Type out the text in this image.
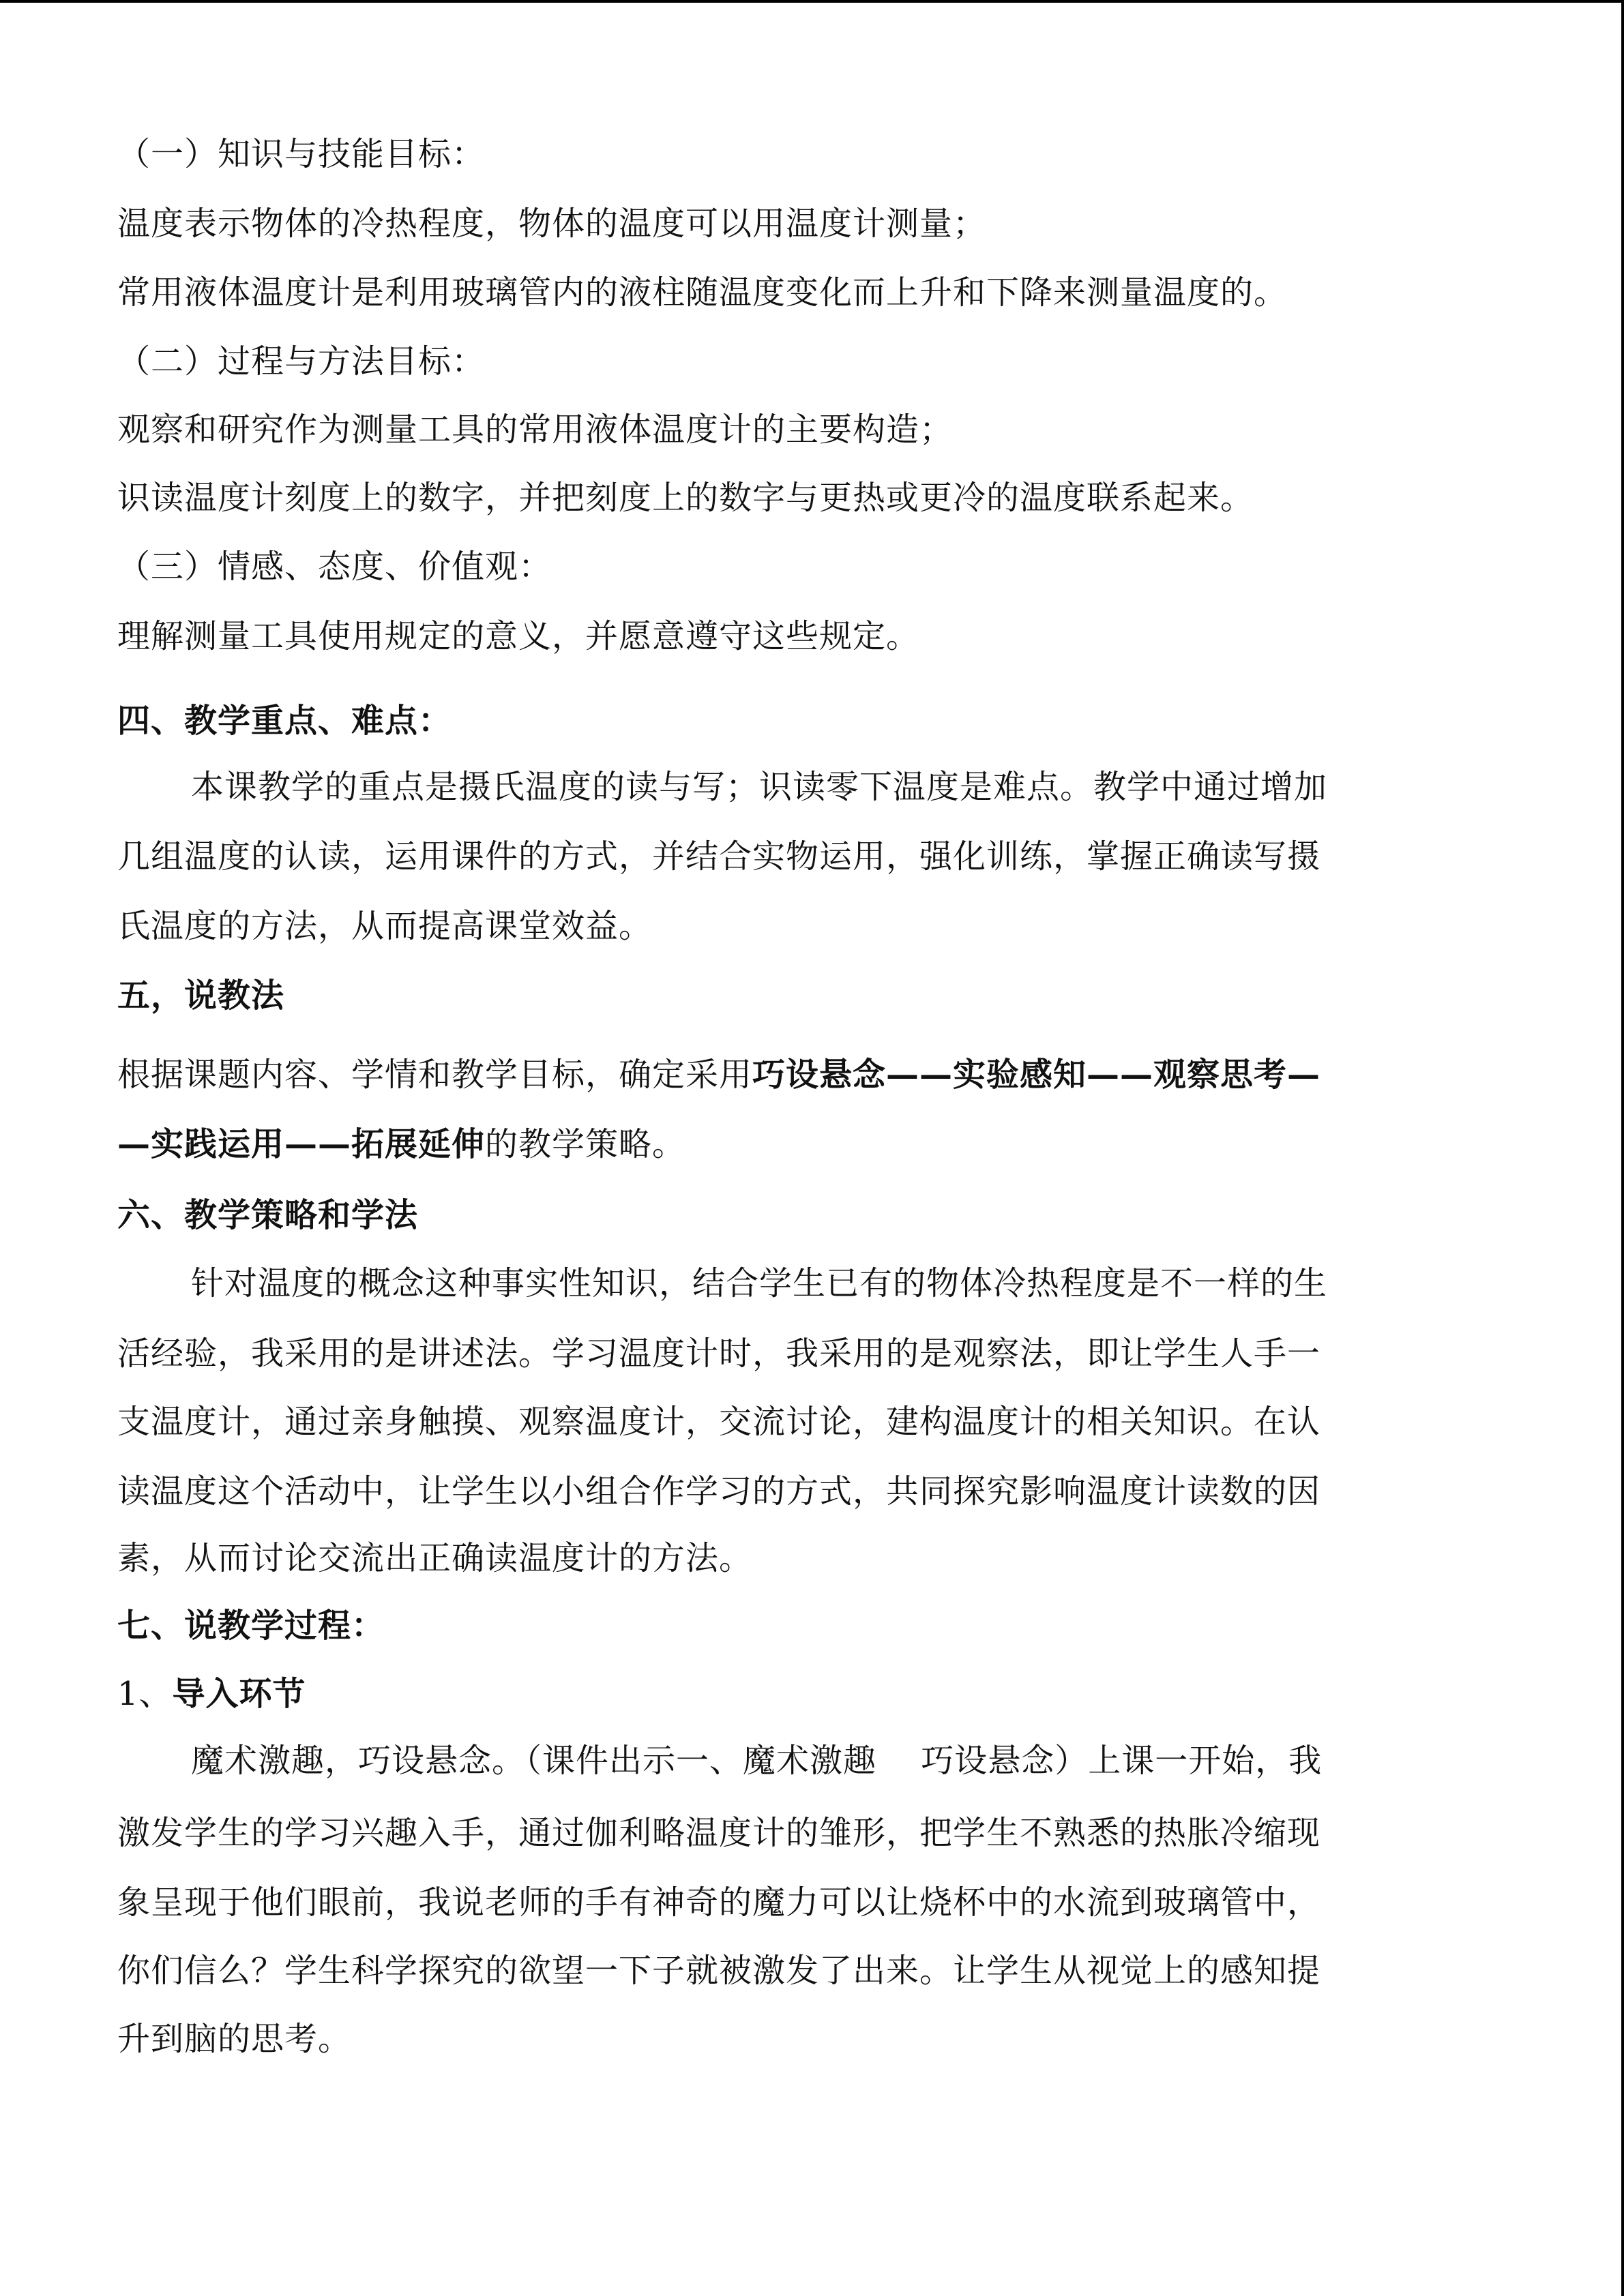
（一）知识与技能目标：
温度表示物体的冷热程度，物体的温度可以用温度计测量；
常用液体温度计是利用玻璃管内的液柱随温度变化而上升和下降来测量温度的。
（二）过程与方法目标：
观察和研究作为测量工具的常用液体温度计的主要构造；
识读温度计刻度上的数字，并把刻度上的数字与更热或更冷的温度联系起来。
（三）情感、态度、价值观：
理解测量工具使用规定的意义，并愿意遵守这些规定。
四、教学重点、难点：
本课教学的重点是摄氏温度的读与写；识读零下温度是难点。教学中通过增加
几组温度的认读，运用课件的方式，并结合实物运用，强化训练，掌握正确读写摄
氏温度的方法，从而提高课堂效益。
五，说教法
根据课题内容、学情和教学目标，确定采用巧设悬念——实验感知——观察思考—
—实践运用——拓展延伸的教学策略。
六、教学策略和学法
针对温度的概念这种事实性知识，结合学生已有的物体冷热程度是不一样的生
活经验，我采用的是讲述法。学习温度计时，我采用的是观察法，即让学生人手一
支温度计，通过亲身触摸、观察温度计，交流讨论，建构温度计的相关知识。在认
读温度这个活动中，让学生以小组合作学习的方式，共同探究影响温度计读数的因
素，从而讨论交流出正确读温度计的方法。
七、说教学过程：
1、导入环节
魔术激趣，巧设悬念。（课件出示一、魔术激趣　 巧设悬念）上课一开始，我
激发学生的学习兴趣入手，通过伽利略温度计的雏形，把学生不熟悉的热胀冷缩现
象呈现于他们眼前，我说老师的手有神奇的魔力可以让烧杯中的水流到玻璃管中，
你们信么？学生科学探究的欲望一下子就被激发了出来。让学生从视觉上的感知提
升到脑的思考。
